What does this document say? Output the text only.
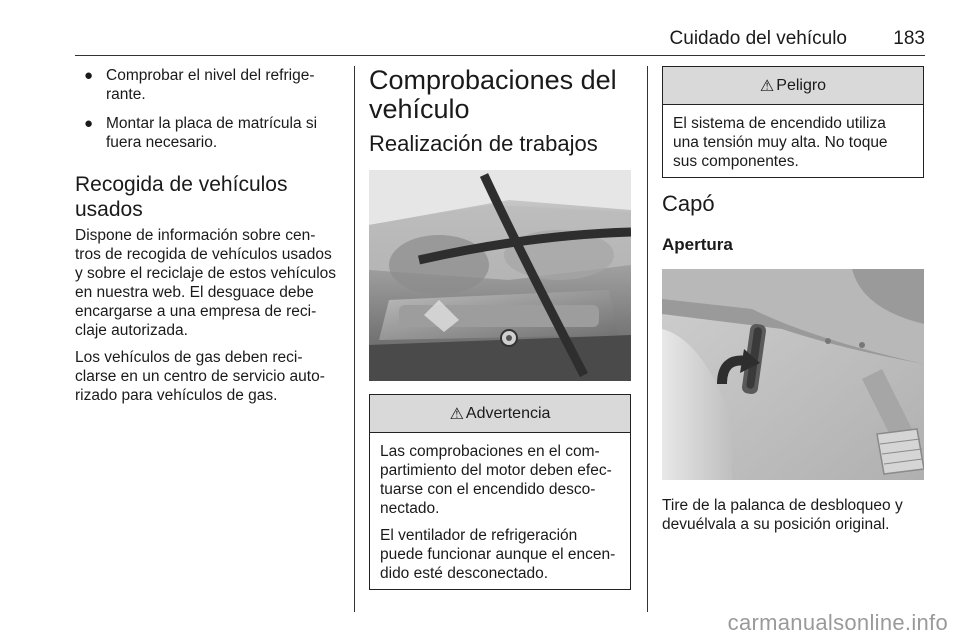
Cuidado del vehículo 183
● Comprobar el nivel del refrige-
rante.
● Montar la placa de matrícula si
fuera necesario.
Recogida de vehículos
usados

Dispone de información sobre cen-
tros de recogida de vehículos usados
y sobre el reciclaje de estos vehículos
en nuestra web. El desguace debe
encargarse a una empresa de reci-
claje autorizada.

Los vehículos de gas deben reci-
clarse en un centro de servicio auto-
rizado para vehículos de gas.

Comprobaciones del
vehículo
Realización de trabajos
⚠ Advertencia

Las comprobaciones en el com-
partimiento del motor deben efec-
tuarse con el encendido desco-
nectado.

El ventilador de refrigeración
puede funcionar aunque el encen-
dido esté desconectado.

⚠ Peligro

El sistema de encendido utiliza
una tensión muy alta. No toque
sus componentes.

Capó
Apertura

Tire de la palanca de desbloqueo y
devuélvala a su posición original.

carmanualsonline.info
